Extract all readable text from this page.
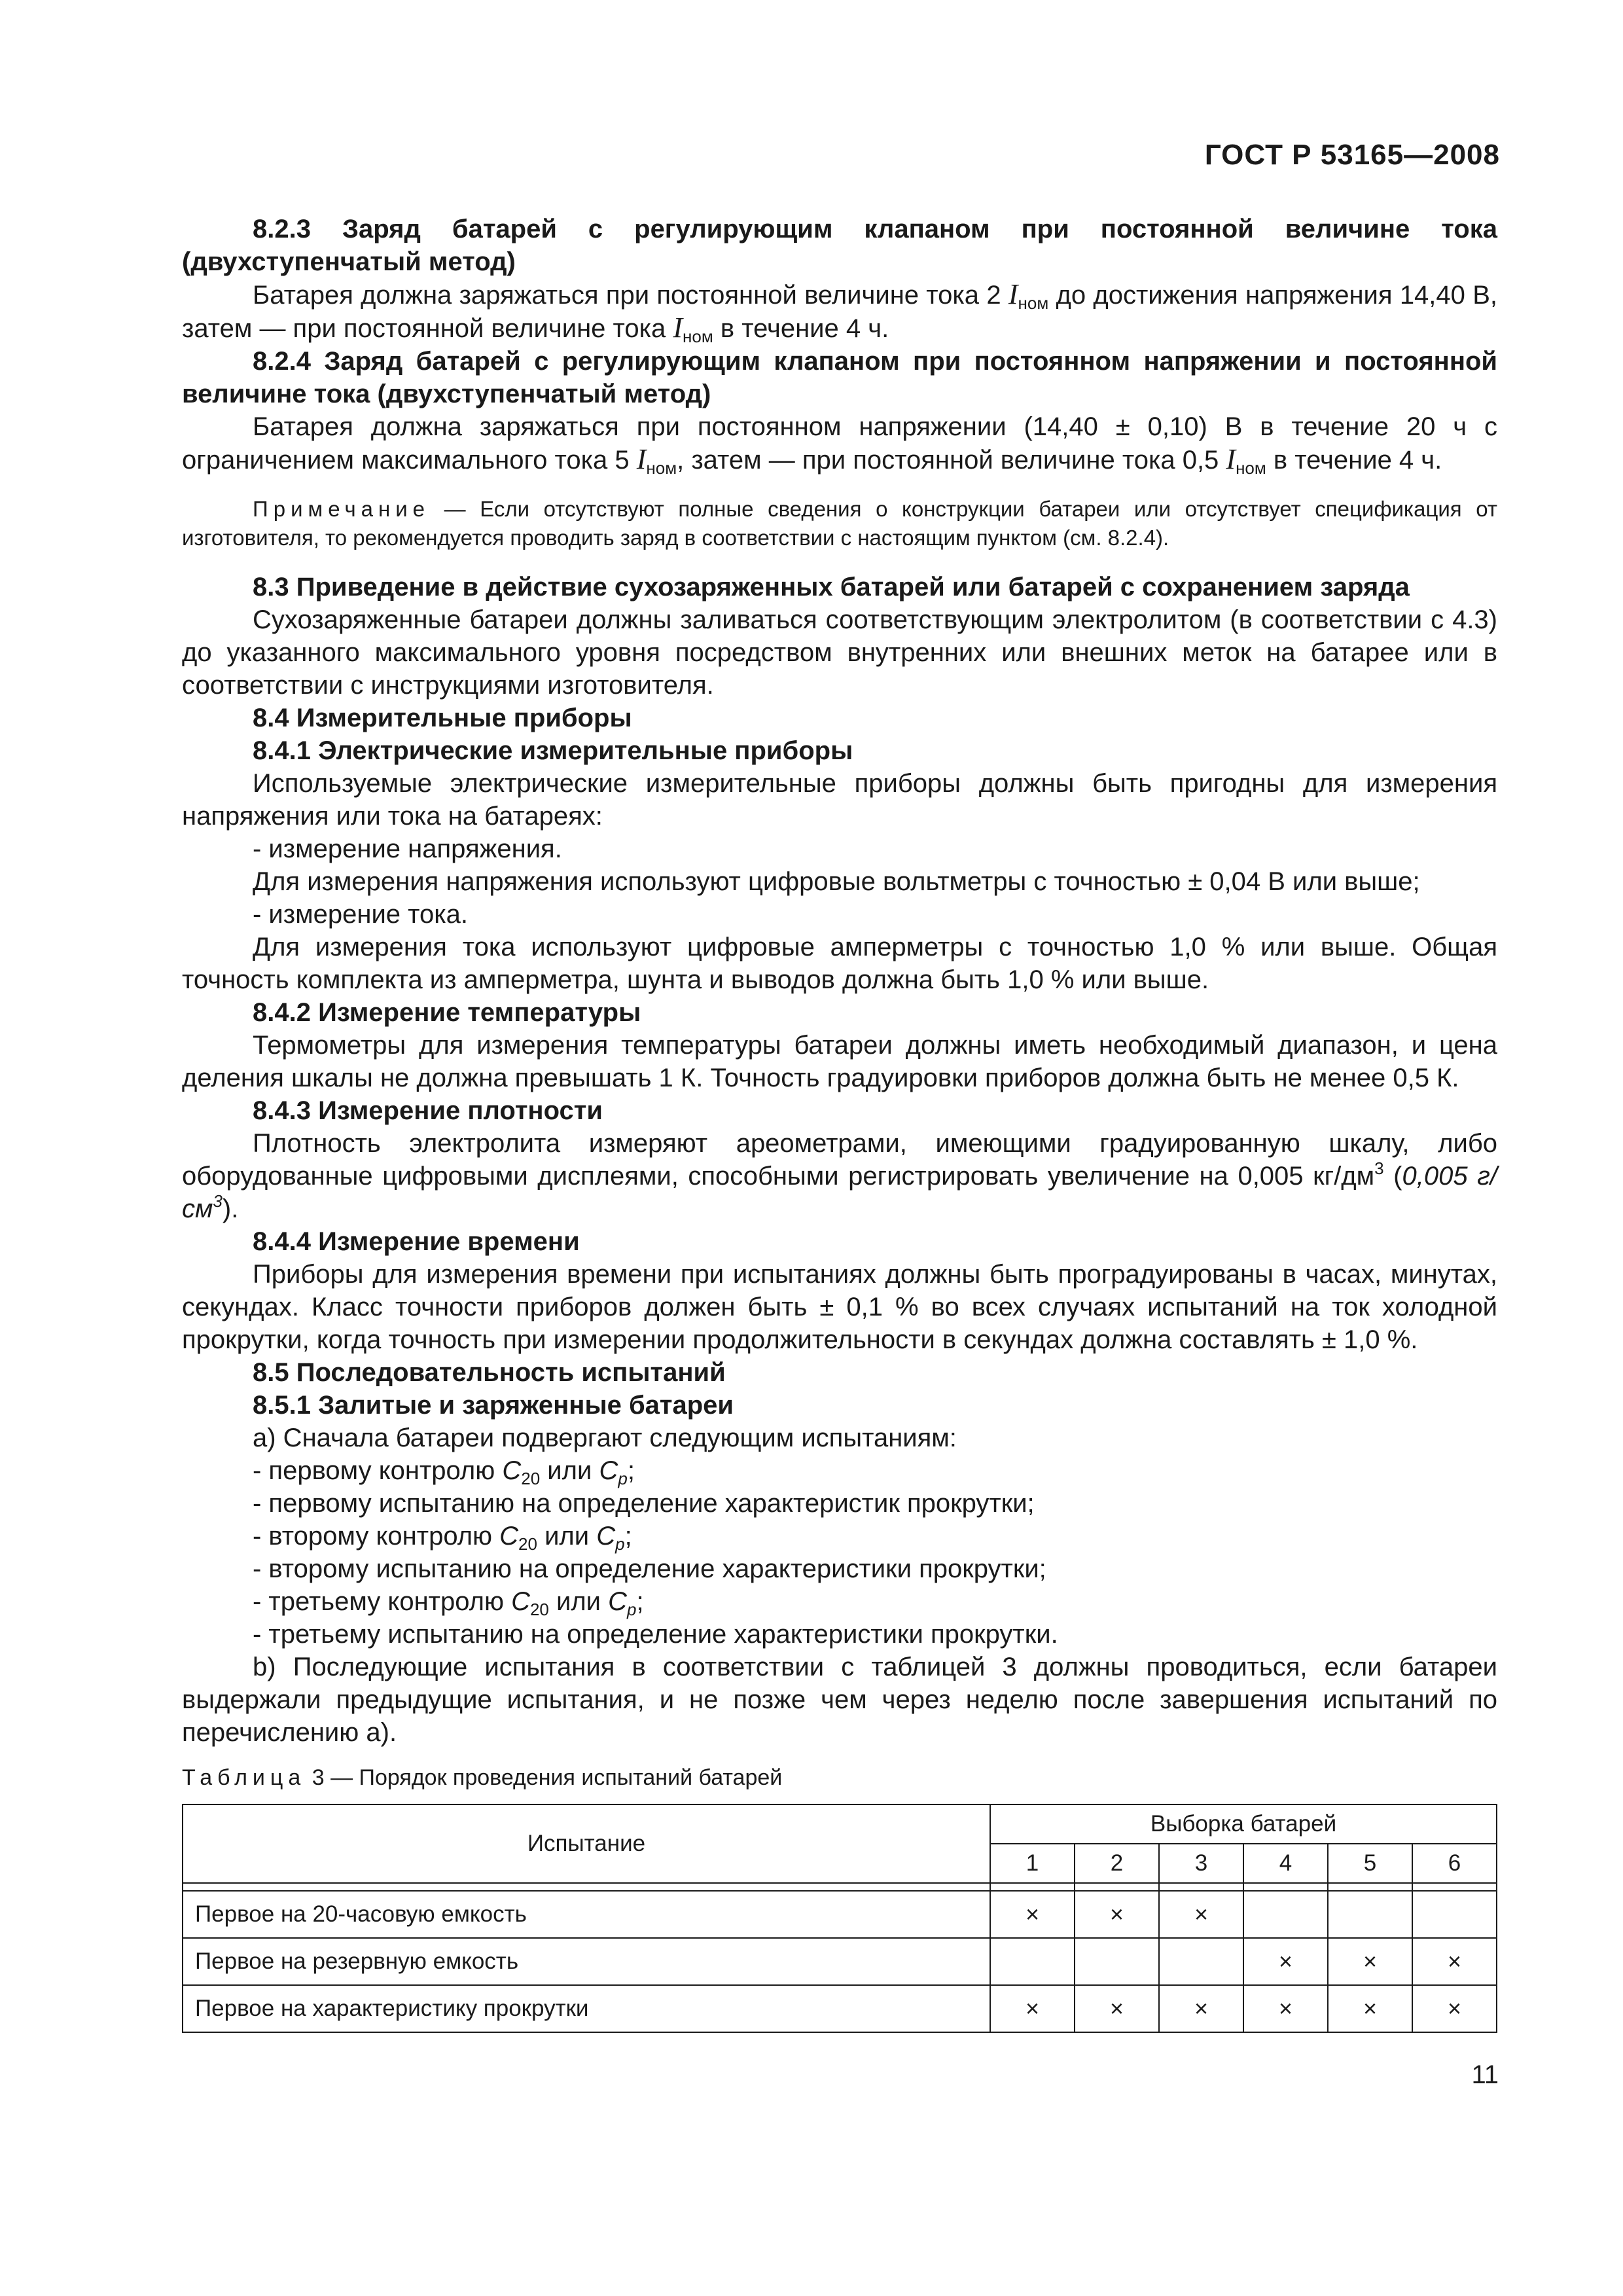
ГОСТ Р 53165—2008

8.2.3 Заряд батарей с регулирующим клапаном при постоянной величине тока (двухступенчатый метод)

Батарея должна заряжаться при постоянной величине тока 2 $I_{ном}$ до достижения напряжения 14,40 В, затем — при постоянной величине тока $I_{ном}$ в течение 4 ч.

8.2.4 Заряд батарей с регулирующим клапаном при постоянном напряжении и постоянной величине тока (двухступенчатый метод)

Батарея должна заряжаться при постоянном напряжении (14,40 ± 0,10) В в течение 20 ч с ограничением максимального тока 5 $I_{ном}$, затем — при постоянной величине тока 0,5 $I_{ном}$ в течение 4 ч.

Примечание — Если отсутствуют полные сведения о конструкции батареи или отсутствует спецификация от изготовителя, то рекомендуется проводить заряд в соответствии с настоящим пунктом (см. 8.2.4).

8.3 Приведение в действие сухозаряженных батарей или батарей с сохранением заряда

Сухозаряженные батареи должны заливаться соответствующим электролитом (в соответствии с 4.3) до указанного максимального уровня посредством внутренних или внешних меток на батарее или в соответствии с инструкциями изготовителя.

8.4 Измерительные приборы

8.4.1 Электрические измерительные приборы

Используемые электрические измерительные приборы должны быть пригодны для измерения напряжения или тока на батареях:

- измерение напряжения.

Для измерения напряжения используют цифровые вольтметры с точностью ± 0,04 В или выше;

- измерение тока.

Для измерения тока используют цифровые амперметры с точностью 1,0 % или выше. Общая точность комплекта из амперметра, шунта и выводов должна быть 1,0 % или выше.

8.4.2 Измерение температуры

Термометры для измерения температуры батареи должны иметь необходимый диапазон, и цена деления шкалы не должна превышать 1 К. Точность градуировки приборов должна быть не менее 0,5 К.

8.4.3 Измерение плотности

Плотность электролита измеряют ареометрами, имеющими градуированную шкалу, либо оборудованные цифровыми дисплеями, способными регистрировать увеличение на 0,005 $кг/дм^3$ (0,005 $г/см^3$).

8.4.4 Измерение времени

Приборы для измерения времени при испытаниях должны быть проградуированы в часах, минутах, секундах. Класс точности приборов должен быть ± 0,1 % во всех случаях испытаний на ток холодной прокрутки, когда точность при измерении продолжительности в секундах должна составлять ± 1,0 %.

8.5 Последовательность испытаний

8.5.1 Залитые и заряженные батареи

а) Сначала батареи подвергают следующим испытаниям:

- первому контролю $C_{20}$ или $C_p$;

- первому испытанию на определение характеристик прокрутки;

- второму контролю $C_{20}$ или $C_p$;

- второму испытанию на определение характеристики прокрутки;

- третьему контролю $C_{20}$ или $C_p$;

- третьему испытанию на определение характеристики прокрутки.

b) Последующие испытания в соответствии с таблицей 3 должны проводиться, если батареи выдержали предыдущие испытания, и не позже чем через неделю после завершения испытаний по перечислению а).

Таблица 3 — Порядок проведения испытаний батарей

Испытание	Выборка батарей					
	1	2	3	4	5	6

Первое на 20-часовую емкость	×	×	×			
Первое на резервную емкость				×	×	×
Первое на характеристику прокрутки	×	×	×	×	×	×
11
